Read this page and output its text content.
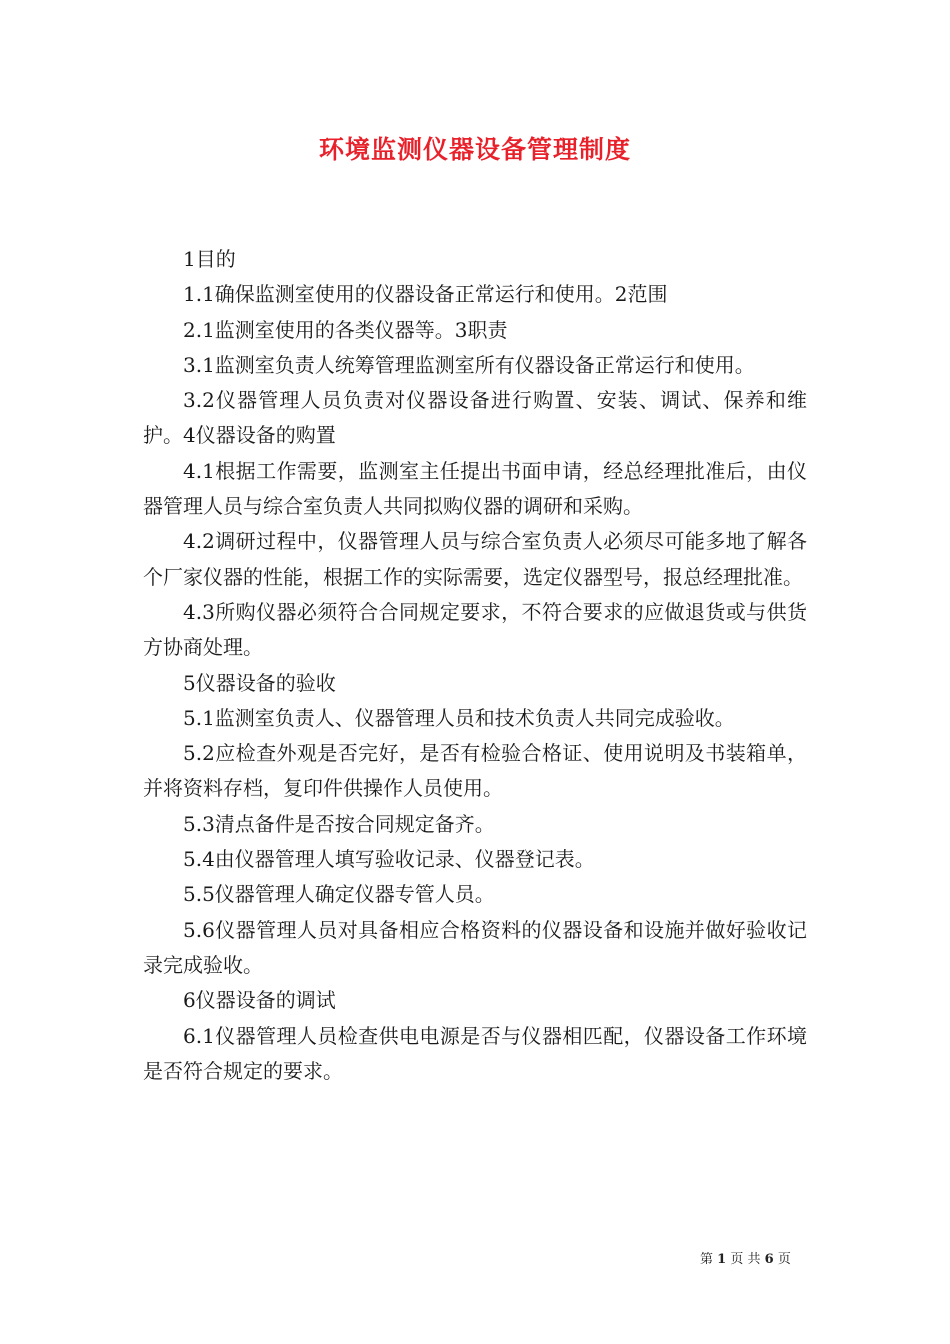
环境监测仪器设备管理制度

1目的

1.1确保监测室使用的仪器设备正常运行和使用。2范围

2.1监测室使用的各类仪器等。3职责

3.1监测室负责人统筹管理监测室所有仪器设备正常运行和使用。

3.2仪器管理人员负责对仪器设备进行购置、安装、调试、保养和维护。4仪器设备的购置

4.1根据工作需要，监测室主任提出书面申请，经总经理批准后，由仪器管理人员与综合室负责人共同拟购仪器的调研和采购。

4.2调研过程中，仪器管理人员与综合室负责人必须尽可能多地了解各个厂家仪器的性能，根据工作的实际需要，选定仪器型号，报总经理批准。

4.3所购仪器必须符合合同规定要求，不符合要求的应做退货或与供货方协商处理。

5仪器设备的验收

5.1监测室负责人、仪器管理人员和技术负责人共同完成验收。

5.2应检查外观是否完好，是否有检验合格证、使用说明及书装箱单，并将资料存档，复印件供操作人员使用。

5.3清点备件是否按合同规定备齐。

5.4由仪器管理人填写验收记录、仪器登记表。

5.5仪器管理人确定仪器专管人员。

5.6仪器管理人员对具备相应合格资料的仪器设备和设施并做好验收记录完成验收。

6仪器设备的调试

6.1仪器管理人员检查供电电源是否与仪器相匹配，仪器设备工作环境是否符合规定的要求。

第 1 页 共 6 页
